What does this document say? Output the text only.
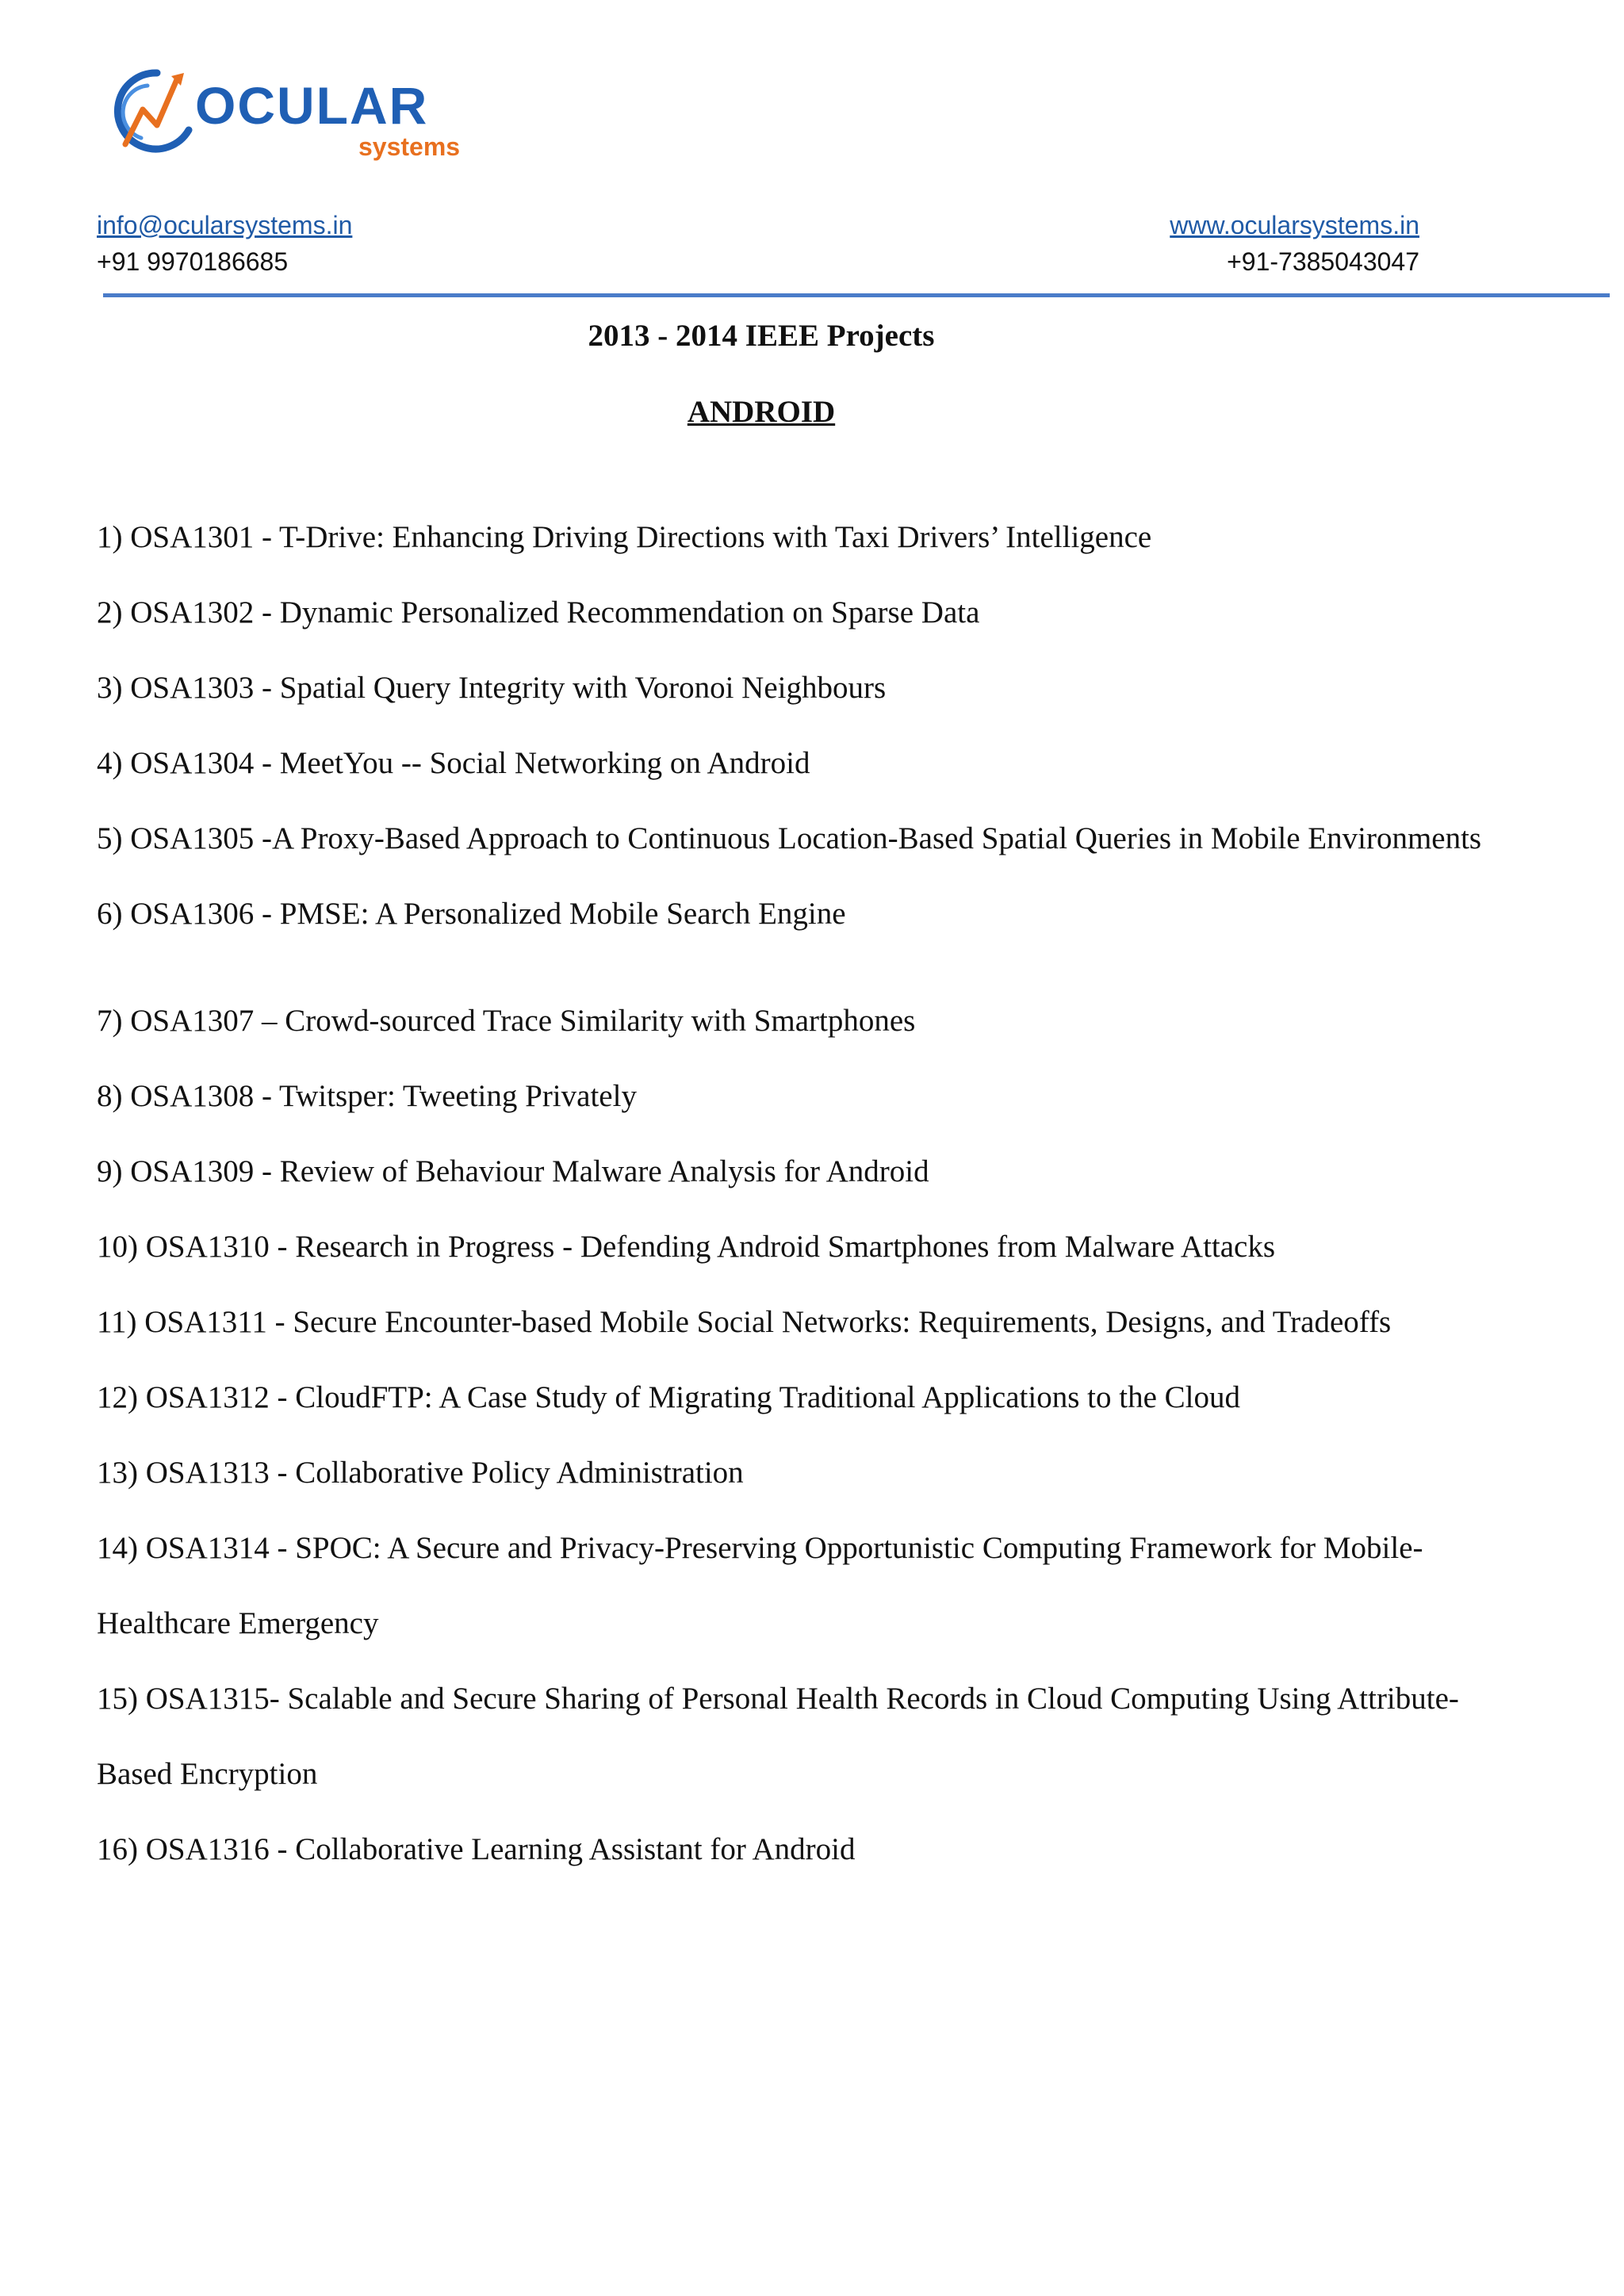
OCULAR
systems
info@ocularsystems.in	www.ocularsystems.in
+91 9970186685	+91-7385043047
2013 - 2014 IEEE Projects
ANDROID
1) OSA1301 - T-Drive: Enhancing Driving Directions with Taxi Drivers’ Intelligence
2) OSA1302 - Dynamic Personalized Recommendation on Sparse Data
3) OSA1303 - Spatial Query Integrity with Voronoi Neighbours
4) OSA1304 - MeetYou -- Social Networking on Android
5) OSA1305 -A Proxy-Based Approach to Continuous Location-Based Spatial Queries in Mobile Environments
6) OSA1306 - PMSE: A Personalized Mobile Search Engine
7) OSA1307 – Crowd-sourced Trace Similarity with Smartphones
8) OSA1308 - Twitsper: Tweeting Privately
9) OSA1309 - Review of Behaviour Malware Analysis for Android
10) OSA1310 - Research in Progress - Defending Android Smartphones from Malware Attacks
11) OSA1311 - Secure Encounter-based Mobile Social Networks: Requirements, Designs, and Tradeoffs
12) OSA1312 - CloudFTP: A Case Study of Migrating Traditional Applications to the Cloud
13) OSA1313 - Collaborative Policy Administration
14) OSA1314 - SPOC: A Secure and Privacy-Preserving Opportunistic Computing Framework for Mobile-Healthcare Emergency
15) OSA1315- Scalable and Secure Sharing of Personal Health Records in Cloud Computing Using Attribute-Based Encryption
16) OSA1316 - Collaborative Learning Assistant for Android
